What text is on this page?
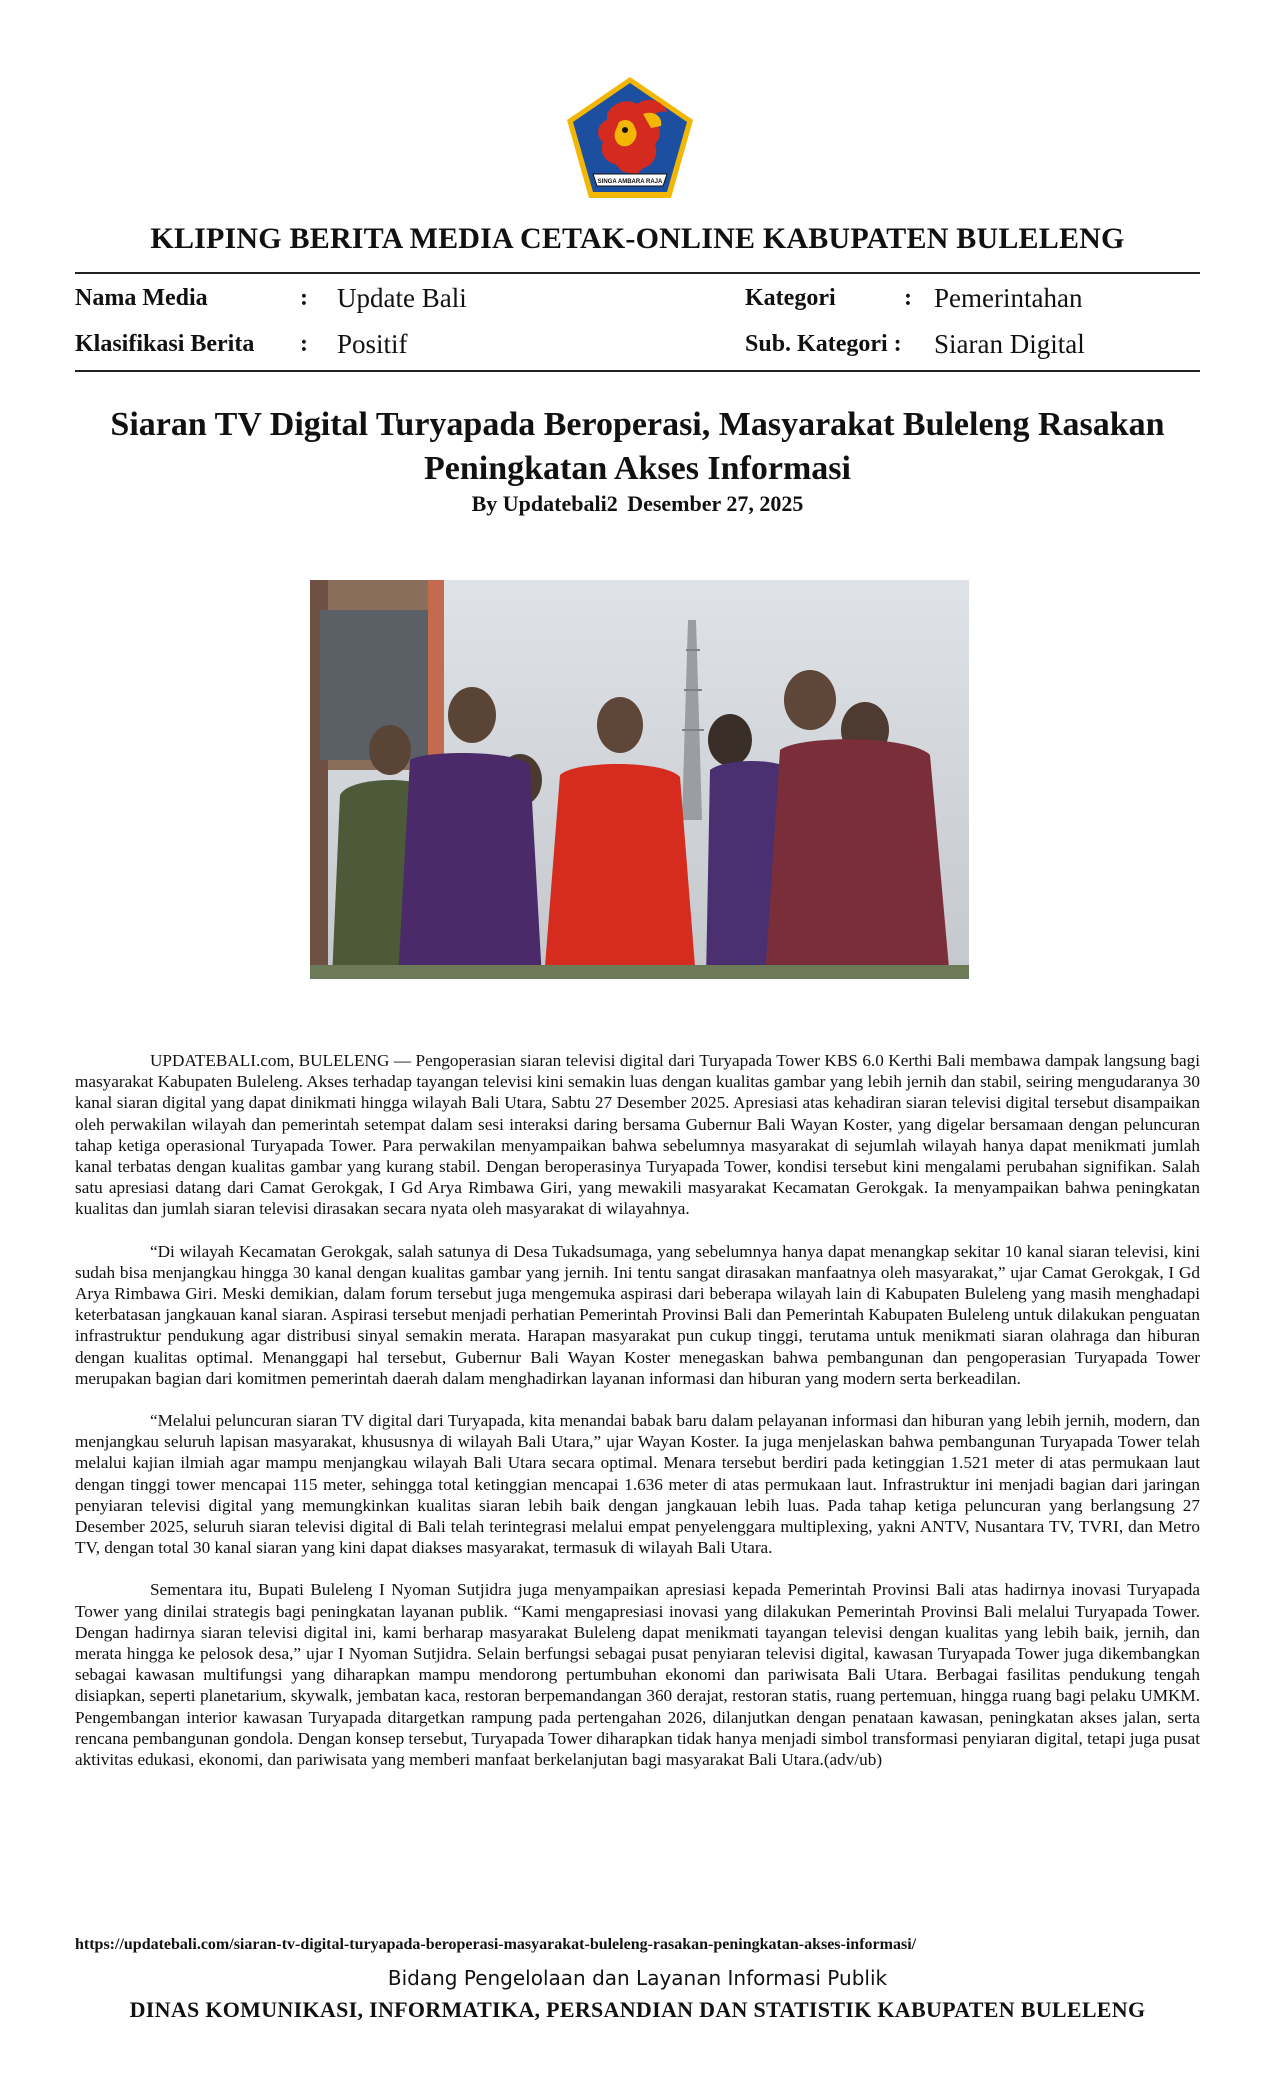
SINGA AMBARA RAJA
KLIPING BERITA MEDIA CETAK-ONLINE KABUPATEN BULELENG
Nama Media	: Update Bali	Kategori	: Pemerintahan
Klasifikasi Berita : Positif	Sub. Kategori : Siaran Digital
Siaran TV Digital Turyapada Beroperasi, Masyarakat Buleleng Rasakan
Peningkatan Akses Informasi
By Updatebali2 Desember 27, 2025

UPDATEBALI.com, BULELENG — Pengoperasian siaran televisi digital dari Turyapada Tower KBS 6.0 Kerthi Bali membawa dampak langsung bagi masyarakat Kabupaten Buleleng. Akses terhadap tayangan televisi kini semakin luas dengan kualitas gambar yang lebih jernih dan stabil, seiring mengudaranya 30 kanal siaran digital yang dapat dinikmati hingga wilayah Bali Utara, Sabtu 27 Desember 2025. Apresiasi atas kehadiran siaran televisi digital tersebut disampaikan oleh perwakilan wilayah dan pemerintah setempat dalam sesi interaksi daring bersama Gubernur Bali Wayan Koster, yang digelar bersamaan dengan peluncuran tahap ketiga operasional Turyapada Tower. Para perwakilan menyampaikan bahwa sebelumnya masyarakat di sejumlah wilayah hanya dapat menikmati jumlah kanal terbatas dengan kualitas gambar yang kurang stabil. Dengan beroperasinya Turyapada Tower, kondisi tersebut kini mengalami perubahan signifikan. Salah satu apresiasi datang dari Camat Gerokgak, I Gd Arya Rimbawa Giri, yang mewakili masyarakat Kecamatan Gerokgak. Ia menyampaikan bahwa peningkatan kualitas dan jumlah siaran televisi dirasakan secara nyata oleh masyarakat di wilayahnya.

“Di wilayah Kecamatan Gerokgak, salah satunya di Desa Tukadsumaga, yang sebelumnya hanya dapat menangkap sekitar 10 kanal siaran televisi, kini sudah bisa menjangkau hingga 30 kanal dengan kualitas gambar yang jernih. Ini tentu sangat dirasakan manfaatnya oleh masyarakat,” ujar Camat Gerokgak, I Gd Arya Rimbawa Giri. Meski demikian, dalam forum tersebut juga mengemuka aspirasi dari beberapa wilayah lain di Kabupaten Buleleng yang masih menghadapi keterbatasan jangkauan kanal siaran. Aspirasi tersebut menjadi perhatian Pemerintah Provinsi Bali dan Pemerintah Kabupaten Buleleng untuk dilakukan penguatan infrastruktur pendukung agar distribusi sinyal semakin merata. Harapan masyarakat pun cukup tinggi, terutama untuk menikmati siaran olahraga dan hiburan dengan kualitas optimal. Menanggapi hal tersebut, Gubernur Bali Wayan Koster menegaskan bahwa pembangunan dan pengoperasian Turyapada Tower merupakan bagian dari komitmen pemerintah daerah dalam menghadirkan layanan informasi dan hiburan yang modern serta berkeadilan.

“Melalui peluncuran siaran TV digital dari Turyapada, kita menandai babak baru dalam pelayanan informasi dan hiburan yang lebih jernih, modern, dan menjangkau seluruh lapisan masyarakat, khususnya di wilayah Bali Utara,” ujar Wayan Koster. Ia juga menjelaskan bahwa pembangunan Turyapada Tower telah melalui kajian ilmiah agar mampu menjangkau wilayah Bali Utara secara optimal. Menara tersebut berdiri pada ketinggian 1.521 meter di atas permukaan laut dengan tinggi tower mencapai 115 meter, sehingga total ketinggian mencapai 1.636 meter di atas permukaan laut. Infrastruktur ini menjadi bagian dari jaringan penyiaran televisi digital yang memungkinkan kualitas siaran lebih baik dengan jangkauan lebih luas. Pada tahap ketiga peluncuran yang berlangsung 27 Desember 2025, seluruh siaran televisi digital di Bali telah terintegrasi melalui empat penyelenggara multiplexing, yakni ANTV, Nusantara TV, TVRI, dan Metro TV, dengan total 30 kanal siaran yang kini dapat diakses masyarakat, termasuk di wilayah Bali Utara.

Sementara itu, Bupati Buleleng I Nyoman Sutjidra juga menyampaikan apresiasi kepada Pemerintah Provinsi Bali atas hadirnya inovasi Turyapada Tower yang dinilai strategis bagi peningkatan layanan publik. “Kami mengapresiasi inovasi yang dilakukan Pemerintah Provinsi Bali melalui Turyapada Tower. Dengan hadirnya siaran televisi digital ini, kami berharap masyarakat Buleleng dapat menikmati tayangan televisi dengan kualitas yang lebih baik, jernih, dan merata hingga ke pelosok desa,” ujar I Nyoman Sutjidra. Selain berfungsi sebagai pusat penyiaran televisi digital, kawasan Turyapada Tower juga dikembangkan sebagai kawasan multifungsi yang diharapkan mampu mendorong pertumbuhan ekonomi dan pariwisata Bali Utara. Berbagai fasilitas pendukung tengah disiapkan, seperti planetarium, skywalk, jembatan kaca, restoran berpemandangan 360 derajat, restoran statis, ruang pertemuan, hingga ruang bagi pelaku UMKM. Pengembangan interior kawasan Turyapada ditargetkan rampung pada pertengahan 2026, dilanjutkan dengan penataan kawasan, peningkatan akses jalan, serta rencana pembangunan gondola. Dengan konsep tersebut, Turyapada Tower diharapkan tidak hanya menjadi simbol transformasi penyiaran digital, tetapi juga pusat aktivitas edukasi, ekonomi, dan pariwisata yang memberi manfaat berkelanjutan bagi masyarakat Bali Utara.(adv/ub)

https://updatebali.com/siaran-tv-digital-turyapada-beroperasi-masyarakat-buleleng-rasakan-peningkatan-akses-informasi/
Bidang Pengelolaan dan Layanan Informasi Publik
DINAS KOMUNIKASI, INFORMATIKA, PERSANDIAN DAN STATISTIK KABUPATEN BULELENG
